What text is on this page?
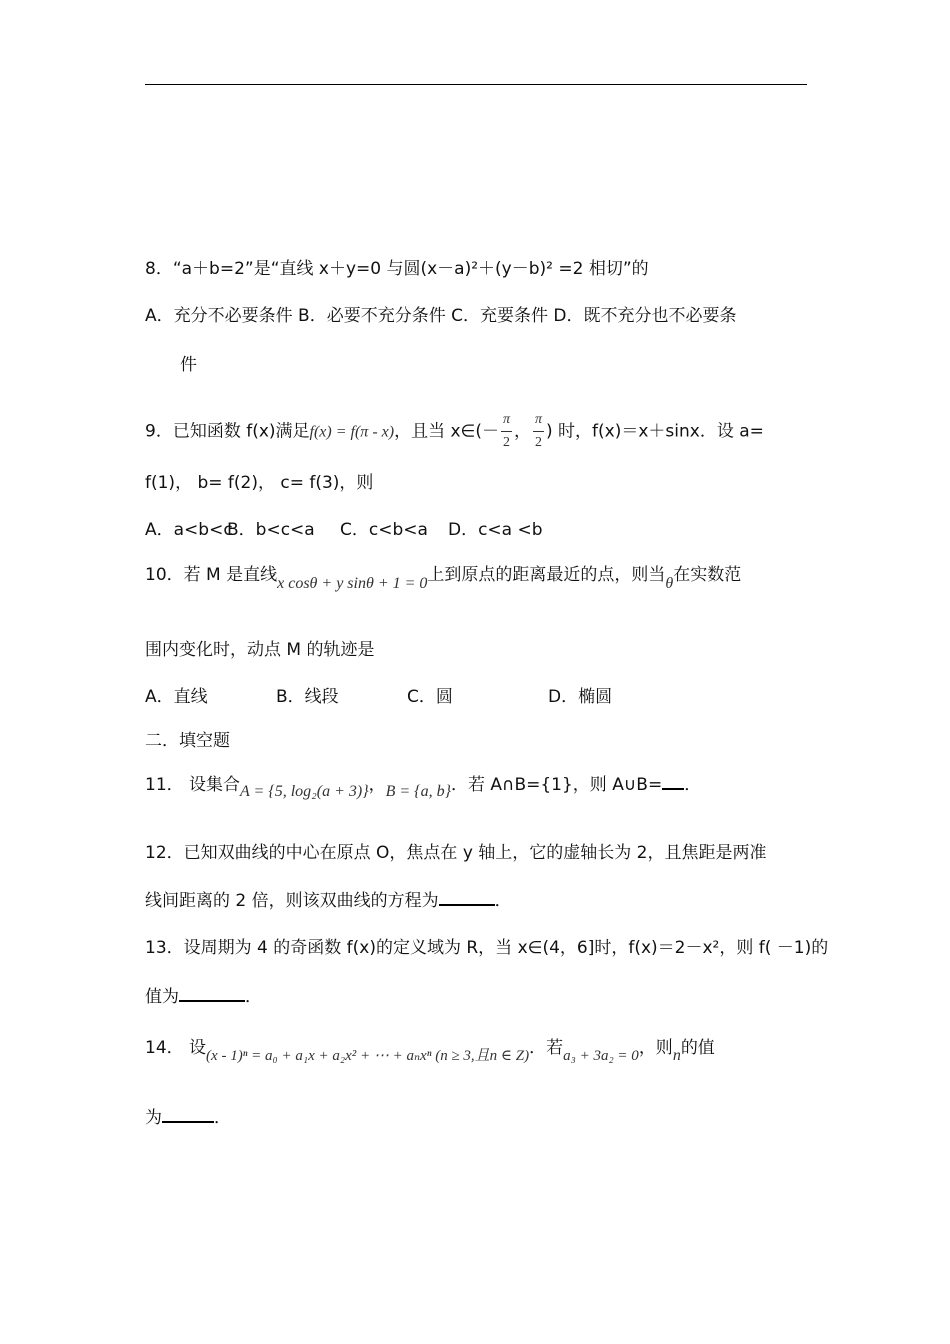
8．“a＋b=2”是“直线 x＋y=0 与圆(x－a)²＋(y－b)² =2 相切”的
A．充分不必要条件 B．必要不充分条件 C．充要条件 D．既不充分也不必要条
件
9．已知函数 f(x)满足f(x) = f(π - x)，且当 x∈(－ $\frac{\pi}{2}$ ， $\frac{\pi}{2}$ ) 时，f(x)＝x＋sinx．设 a=
f(1)， b= f(2)， c= f(3)，则
A．a<b<cB．b<c<a C．c<b<a D．c<a <b
10．若 M 是直线x cosθ + y sinθ + 1 = 0上到原点的距离最近的点，则当θ在实数范
围内变化时，动点 M 的轨迹是
A．直线	B．线段	C．圆	D．椭圆
二．填空题
11． 设集合A = {5, log₂(a + 3)}，B = {a, b}．若 A∩B={1}，则 A∪B= ．
12．已知双曲线的中心在原点 O，焦点在 y 轴上，它的虚轴长为 2，且焦距是两准
线间距离的 2 倍，则该双曲线的方程为	．
13．设周期为 4 的奇函数 f(x)的定义域为 R，当 x∈(4，6]时，f(x)＝2－x²，则 f( －1)的
值为	．
14． 设(x - 1)ⁿ = a₀ + a₁x + a₂x² + ⋯ + aₙxⁿ (n ≥ 3,且n ∈ Z)．若a₃ + 3a₂ = 0，则n的值
为	．
